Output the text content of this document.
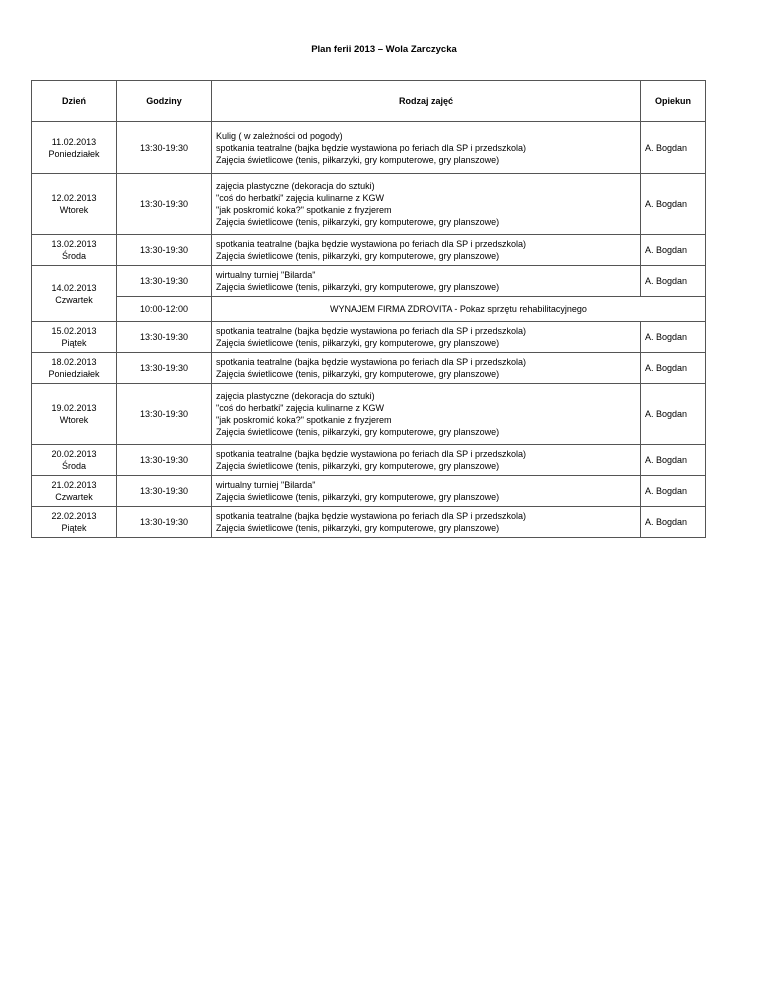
Plan ferii 2013 – Wola Zarczycka
Dzień	Godziny	Rodzaj zajęć	Opiekun

11.02.2013
Poniedziałek	13:30-19:30	Kulig ( w zależności od pogody)
spotkania teatralne (bajka będzie wystawiona po feriach dla SP i przedszkola)
Zajęcia świetlicowe (tenis, piłkarzyki, gry komputerowe, gry planszowe)	A. Bogdan

12.02.2013
Wtorek	13:30-19:30	zajęcia plastyczne (dekoracja do sztuki)
"coś do herbatki" zajęcia kulinarne z KGW
"jak poskromić koka?" spotkanie z fryzjerem
Zajęcia świetlicowe (tenis, piłkarzyki, gry komputerowe, gry planszowe)	A. Bogdan

13.02.2013
Środa	13:30-19:30	spotkania teatralne (bajka będzie wystawiona po feriach dla SP i przedszkola)
Zajęcia świetlicowe (tenis, piłkarzyki, gry komputerowe, gry planszowe)	A. Bogdan

14.02.2013
Czwartek	13:30-19:30	wirtualny turniej "Bilarda"
Zajęcia świetlicowe (tenis, piłkarzyki, gry komputerowe, gry planszowe)	A. Bogdan
	10:00-12:00	WYNAJEM FIRMA ZDROVITA - Pokaz sprzętu rehabilitacyjnego	

15.02.2013
Piątek	13:30-19:30	spotkania teatralne (bajka będzie wystawiona po feriach dla SP i przedszkola)
Zajęcia świetlicowe (tenis, piłkarzyki, gry komputerowe, gry planszowe)	A. Bogdan

18.02.2013
Poniedziałek	13:30-19:30	spotkania teatralne (bajka będzie wystawiona po feriach dla SP i przedszkola)
Zajęcia świetlicowe (tenis, piłkarzyki, gry komputerowe, gry planszowe)	A. Bogdan

19.02.2013
Wtorek	13:30-19:30	zajęcia plastyczne (dekoracja do sztuki)
"coś do herbatki" zajęcia kulinarne z KGW
"jak poskromić koka?" spotkanie z fryzjerem
Zajęcia świetlicowe (tenis, piłkarzyki, gry komputerowe, gry planszowe)	A. Bogdan

20.02.2013
Środa	13:30-19:30	spotkania teatralne (bajka będzie wystawiona po feriach dla SP i przedszkola)
Zajęcia świetlicowe (tenis, piłkarzyki, gry komputerowe, gry planszowe)	A. Bogdan

21.02.2013
Czwartek	13:30-19:30	wirtualny turniej "Bilarda"
Zajęcia świetlicowe (tenis, piłkarzyki, gry komputerowe, gry planszowe)	A. Bogdan

22.02.2013
Piątek	13:30-19:30	spotkania teatralne (bajka będzie wystawiona po feriach dla SP i przedszkola)
Zajęcia świetlicowe (tenis, piłkarzyki, gry komputerowe, gry planszowe)	A. Bogdan
